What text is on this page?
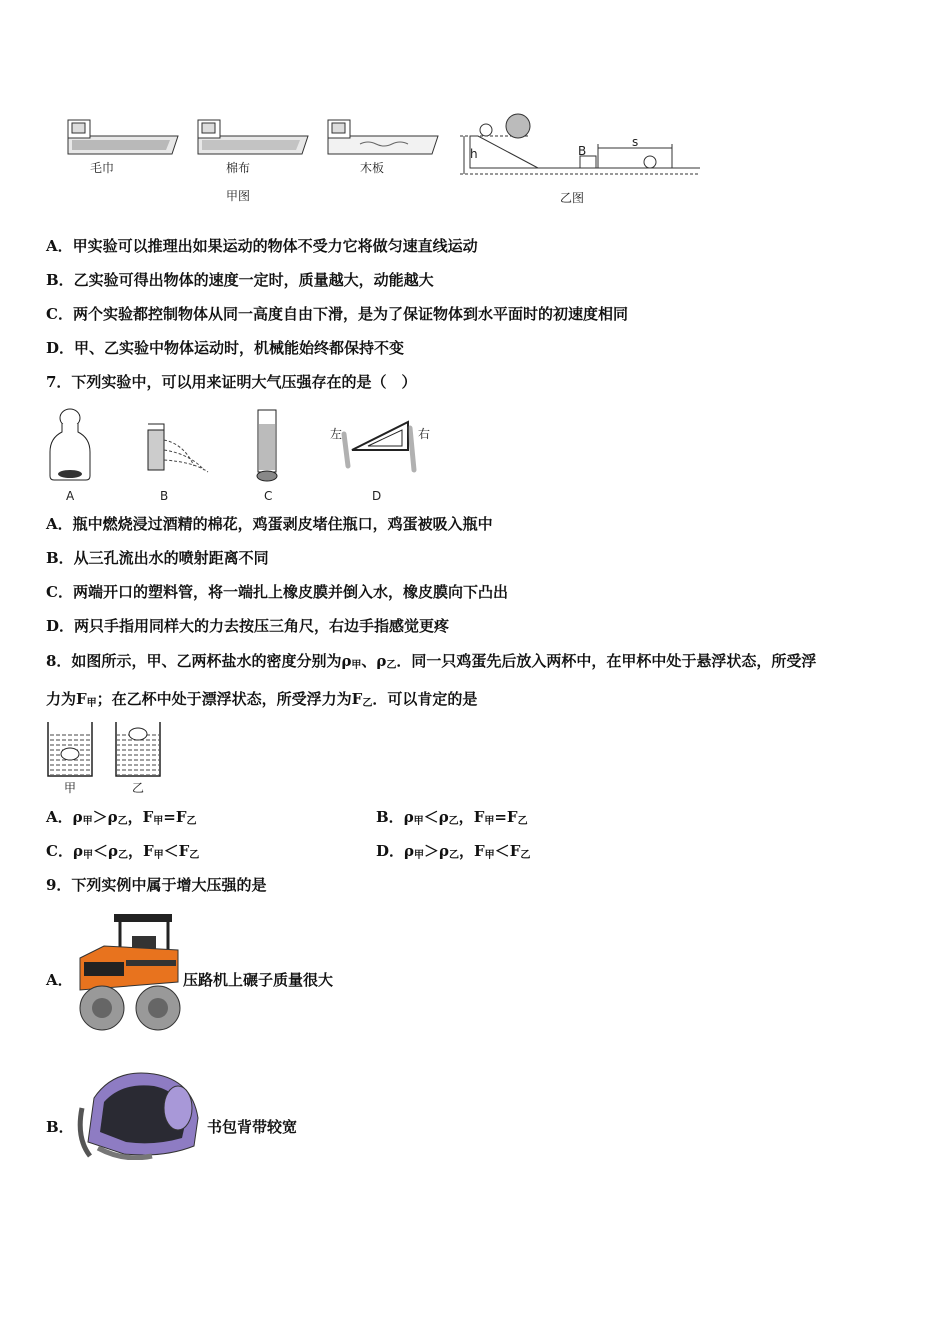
毛巾	棉布	木板
甲图
h	B
s
乙图
A．甲实验可以推理出如果运动的物体不受力它将做匀速直线运动
B．乙实验可得出物体的速度一定时，质量越大，动能越大
C．两个实验都控制物体从同一高度自由下滑，是为了保证物体到水平面时的初速度相同
D．甲、乙实验中物体运动时，机械能始终都保持不变
7．下列实验中，可以用来证明大气压强存在的是（　）
A	B	C
左	右
D
A．瓶中燃烧浸过酒精的棉花，鸡蛋剥皮堵住瓶口，鸡蛋被吸入瓶中
B．从三孔流出水的喷射距离不同
C．两端开口的塑料管，将一端扎上橡皮膜并倒入水，橡皮膜向下凸出
D．两只手指用同样大的力去按压三角尺，右边手指感觉更疼
8．如图所示，甲、乙两杯盐水的密度分别为$\rho_甲$、$\rho_乙$．同一只鸡蛋先后放入两杯中，在甲杯中处于悬浮状态，所受浮
力为$F_甲$；在乙杯中处于漂浮状态，所受浮力为$F_乙$．可以肯定的是
甲	乙
A．$\rho_甲>\rho_乙$，$F_甲=F_乙$	B．$\rho_甲<\rho_乙$，$F_甲=F_乙$
C．$\rho_甲<\rho_乙$，$F_甲<F_乙$	D．$\rho_甲>\rho_乙$，$F_甲<F_乙$
9．下列实例中属于增大压强的是
A．	压路机上碾子质量很大
B．	书包背带较宽
